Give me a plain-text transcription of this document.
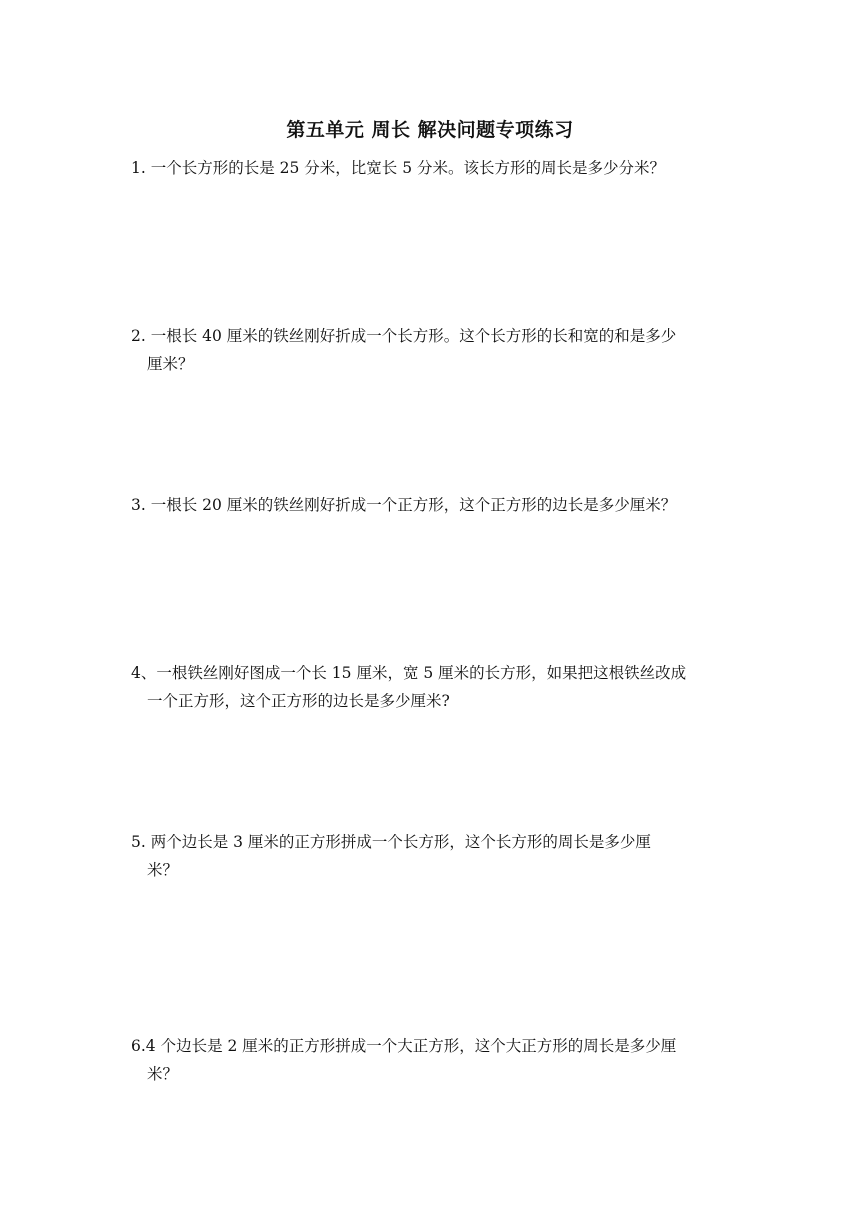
第五单元 周长 解决问题专项练习
1. 一个长方形的长是 25 分米，比宽长 5 分米。该长方形的周长是多少分米？
2. 一根长 40 厘米的铁丝刚好折成一个长方形。这个长方形的长和宽的和是多少
厘米？
3. 一根长 20 厘米的铁丝刚好折成一个正方形，这个正方形的边长是多少厘米？
4、一根铁丝刚好图成一个长 15 厘米，宽 5 厘米的长方形，如果把这根铁丝改成
一个正方形，这个正方形的边长是多少厘米?
5. 两个边长是 3 厘米的正方形拼成一个长方形，这个长方形的周长是多少厘
米？
6.4 个边长是 2 厘米的正方形拼成一个大正方形，这个大正方形的周长是多少厘
米？
